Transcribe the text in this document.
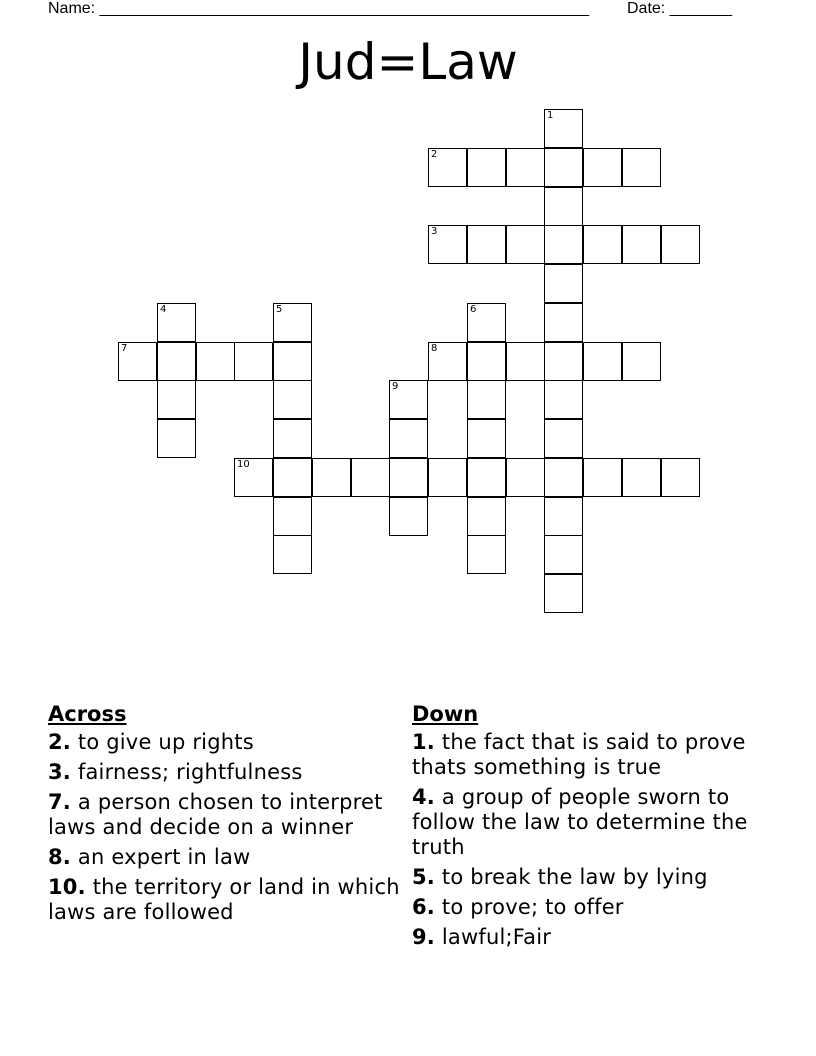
Name: _______________________________________________________ Date: _______
Jud=Law
1
2
3
4	5	6
7	8
9
10
Across
2. to give up rights
3. fairness; rightfulness
7. a person chosen to interpret laws and decide on a winner
8. an expert in law
10. the territory or land in which laws are followed
Down
1. the fact that is said to prove thats something is true
4. a group of people sworn to follow the law to determine the truth
5. to break the law by lying
6. to prove; to offer
9. lawful;Fair
